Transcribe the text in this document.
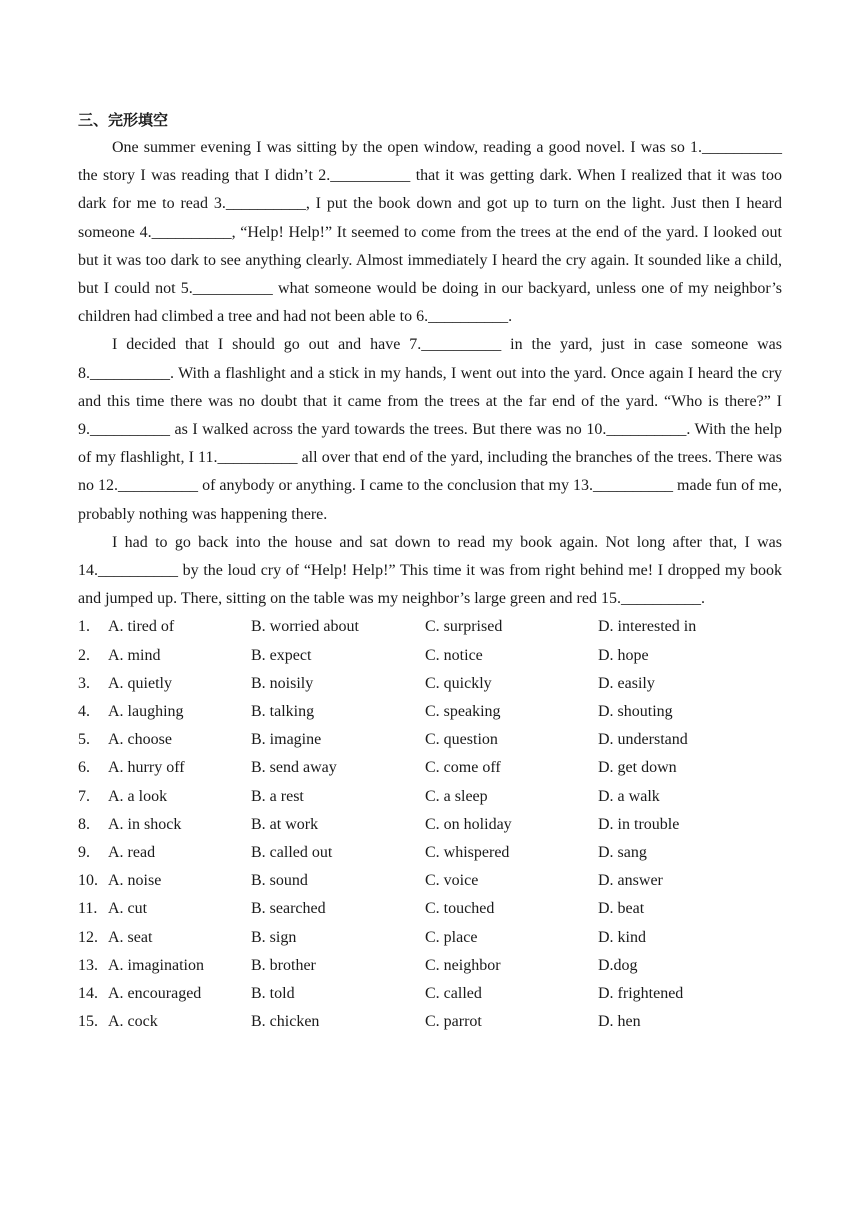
三、完形填空

One summer evening I was sitting by the open window, reading a good novel. I was so 1.__________ the story I was reading that I didn’t 2.__________ that it was getting dark. When I realized that it was too dark for me to read 3.__________, I put the book down and got up to turn on the light. Just then I heard someone 4.__________, “Help! Help!” It seemed to come from the trees at the end of the yard. I looked out but it was too dark to see anything clearly. Almost immediately I heard the cry again. It sounded like a child, but I could not 5.__________ what someone would be doing in our backyard, unless one of my neighbor’s children had climbed a tree and had not been able to 6.__________.

I decided that I should go out and have 7.__________ in the yard, just in case someone was 8.__________. With a flashlight and a stick in my hands, I went out into the yard. Once again I heard the cry and this time there was no doubt that it came from the trees at the far end of the yard. “Who is there?” I 9.__________ as I walked across the yard towards the trees. But there was no 10.__________. With the help of my flashlight, I 11.__________ all over that end of the yard, including the branches of the trees. There was no 12.__________ of anybody or anything. I came to the conclusion that my 13.__________ made fun of me, probably nothing was happening there.

I had to go back into the house and sat down to read my book again. Not long after that, I was 14.__________ by the loud cry of “Help! Help!” This time it was from right behind me! I dropped my book and jumped up. There, sitting on the table was my neighbor’s large green and red 15.__________.

1.	A. tired of	B. worried about	C. surprised	D. interested in
2.	A. mind	B. expect	C. notice	D. hope
3.	A. quietly	B. noisily	C. quickly	D. easily
4.	A. laughing	B. talking	C. speaking	D. shouting
5.	A. choose	B. imagine	C. question	D. understand
6.	A. hurry off	B. send away	C. come off	D. get down
7.	A. a look	B. a rest	C. a sleep	D. a walk
8.	A. in shock	B. at work	C. on holiday	D. in trouble
9.	A. read	B. called out	C. whispered	D. sang
10. A. noise	B. sound	C. voice	D. answer
11. A. cut	B. searched	C. touched	D. beat
12. A. seat	B. sign	C. place	D. kind
13. A. imagination	B. brother	C. neighbor	D.dog
14. A. encouraged	B. told	C. called	D. frightened
15. A. cock	B. chicken	C. parrot	D. hen
